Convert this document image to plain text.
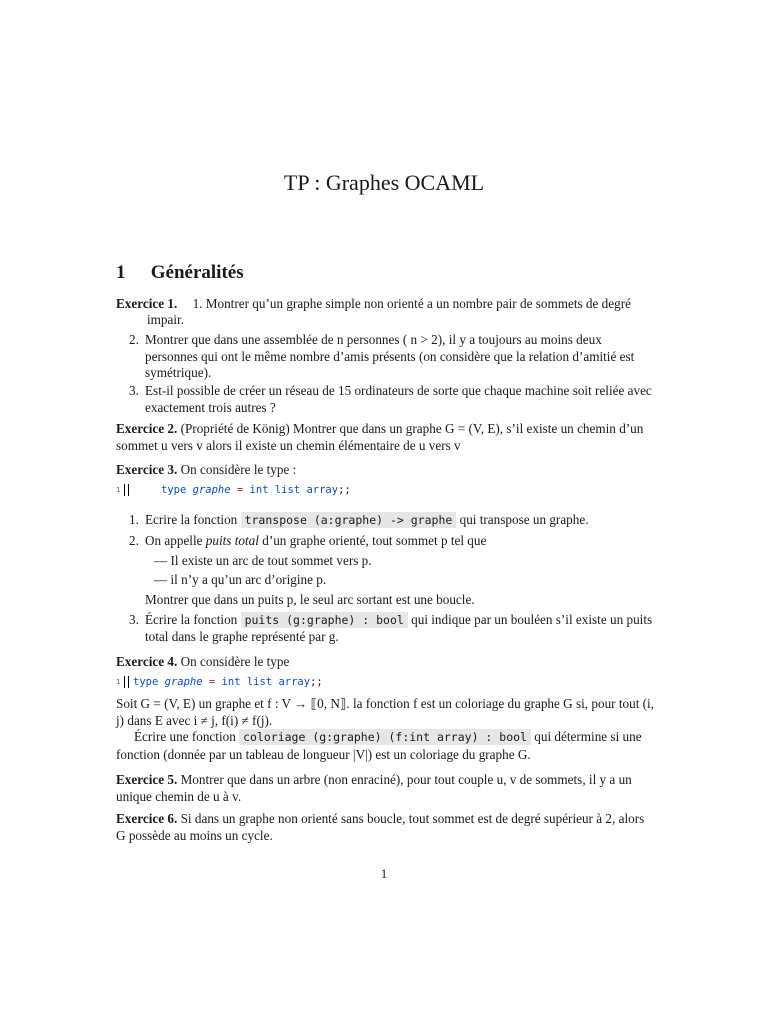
TP : Graphes OCAML
1 Généralités
Exercice 1. 1. Montrer qu’un graphe simple non orienté a un nombre pair de sommets de degré
impair.
2. Montrer que dans une assemblée de n personnes ( n > 2), il y a toujours au moins deux personnes qui ont le même nombre d’amis présents (on considère que la relation d’amitié est symétrique).
3. Est-il possible de créer un réseau de 15 ordinateurs de sorte que chaque machine soit reliée avec exactement trois autres ?
Exercice 2. (Propriété de König) Montrer que dans un graphe G = (V, E), s’il existe un chemin d’un sommet u vers v alors il existe un chemin élémentaire de u vers v
Exercice 3. On considère le type :
1	type graphe = int list array;;
1. Ecrire la fonction transpose (a:graphe) -> graphe qui transpose un graphe.
2. On appelle puits total d’un graphe orienté, tout sommet p tel que
— Il existe un arc de tout sommet vers p.
— il n’y a qu’un arc d’origine p.
Montrer que dans un puits p, le seul arc sortant est une boucle.
3. Écrire la fonction puits (g:graphe) : bool qui indique par un bouléen s’il existe un puits
total dans le graphe représenté par g.
Exercice 4. On considère le type
1 type graphe = int list array;;
Soit G = (V, E) un graphe et f : V → ⟦0, N⟧. la fonction f est un coloriage du graphe G si, pour tout (i, j) dans E avec i ≠ j, f(i) ≠ f(j).
Écrire une fonction coloriage (g:graphe) (f:int array) : bool qui détermine si une
fonction (donnée par un tableau de longueur |V|) est un coloriage du graphe G.
Exercice 5. Montrer que dans un arbre (non enraciné), pour tout couple u, v de sommets, il y a un unique chemin de u à v.
Exercice 6. Si dans un graphe non orienté sans boucle, tout sommet est de degré supérieur à 2, alors G possède au moins un cycle.
1
